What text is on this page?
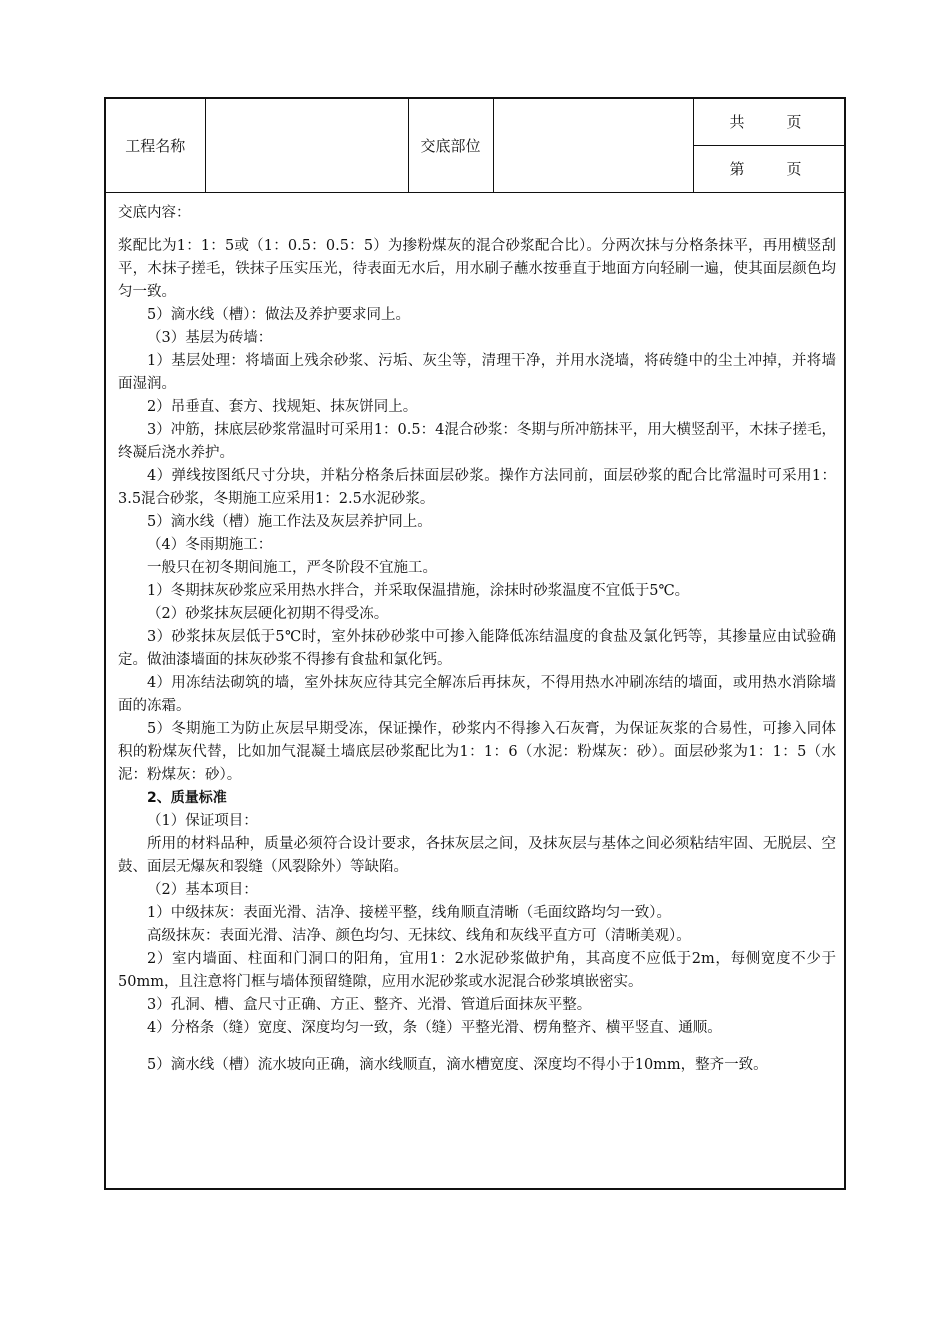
工程名称		交底部位		共	页
第	页

交底内容：

浆配比为1：1：5或（1：0.5：0.5：5）为掺粉煤灰的混合砂浆配合比）。分两次抹与分格条抹平，再用横竖刮平，木抹子搓毛，铁抹子压实压光，待表面无水后，用水刷子蘸水按垂直于地面方向轻刷一遍，使其面层颜色均匀一致。

5）滴水线（槽）：做法及养护要求同上。

（3）基层为砖墙：

1）基层处理：将墙面上残余砂浆、污垢、灰尘等，清理干净，并用水浇墙，将砖缝中的尘土冲掉，并将墙面湿润。

2）吊垂直、套方、找规矩、抹灰饼同上。

3）冲筋，抹底层砂浆常温时可采用1：0.5：4混合砂浆：冬期与所冲筋抹平，用大横竖刮平，木抹子搓毛，终凝后浇水养护。

4）弹线按图纸尺寸分块，并粘分格条后抹面层砂浆。操作方法同前，面层砂浆的配合比常温时可采用1：3.5混合砂浆，冬期施工应采用1：2.5水泥砂浆。

5）滴水线（槽）施工作法及灰层养护同上。

（4）冬雨期施工：

一般只在初冬期间施工，严冬阶段不宜施工。

1）冬期抹灰砂浆应采用热水拌合，并采取保温措施，涂抹时砂浆温度不宜低于5℃。

（2）砂浆抹灰层硬化初期不得受冻。

3）砂浆抹灰层低于5℃时，室外抹砂砂浆中可掺入能降低冻结温度的食盐及氯化钙等，其掺量应由试验确定。做油漆墙面的抹灰砂浆不得掺有食盐和氯化钙。

4）用冻结法砌筑的墙，室外抹灰应待其完全解冻后再抹灰，不得用热水冲刷冻结的墙面，或用热水消除墙面的冻霜。

5）冬期施工为防止灰层早期受冻，保证操作，砂浆内不得掺入石灰膏，为保证灰浆的合易性，可掺入同体积的粉煤灰代替，比如加气混凝土墙底层砂浆配比为1：1：6（水泥：粉煤灰：砂）。面层砂浆为1：1：5（水泥：粉煤灰：砂）。

2、质量标准

（1）保证项目：

所用的材料品种，质量必须符合设计要求，各抹灰层之间，及抹灰层与基体之间必须粘结牢固、无脱层、空鼓、面层无爆灰和裂缝（风裂除外）等缺陷。

（2）基本项目：

1）中级抹灰：表面光滑、洁净、接槎平整，线角顺直清晰（毛面纹路均匀一致）。

高级抹灰：表面光滑、洁净、颜色均匀、无抹纹、线角和灰线平直方可（清晰美观）。

2）室内墙面、柱面和门洞口的阳角，宜用1：2水泥砂浆做护角，其高度不应低于2m，每侧宽度不少于50mm，且注意将门框与墙体预留缝隙，应用水泥砂浆或水泥混合砂浆填嵌密实。

3）孔洞、槽、盒尺寸正确、方正、整齐、光滑、管道后面抹灰平整。

4）分格条（缝）宽度、深度均匀一致，条（缝）平整光滑、楞角整齐、横平竖直、通顺。

5）滴水线（槽）流水坡向正确，滴水线顺直，滴水槽宽度、深度均不得小于10mm，整齐一致。
